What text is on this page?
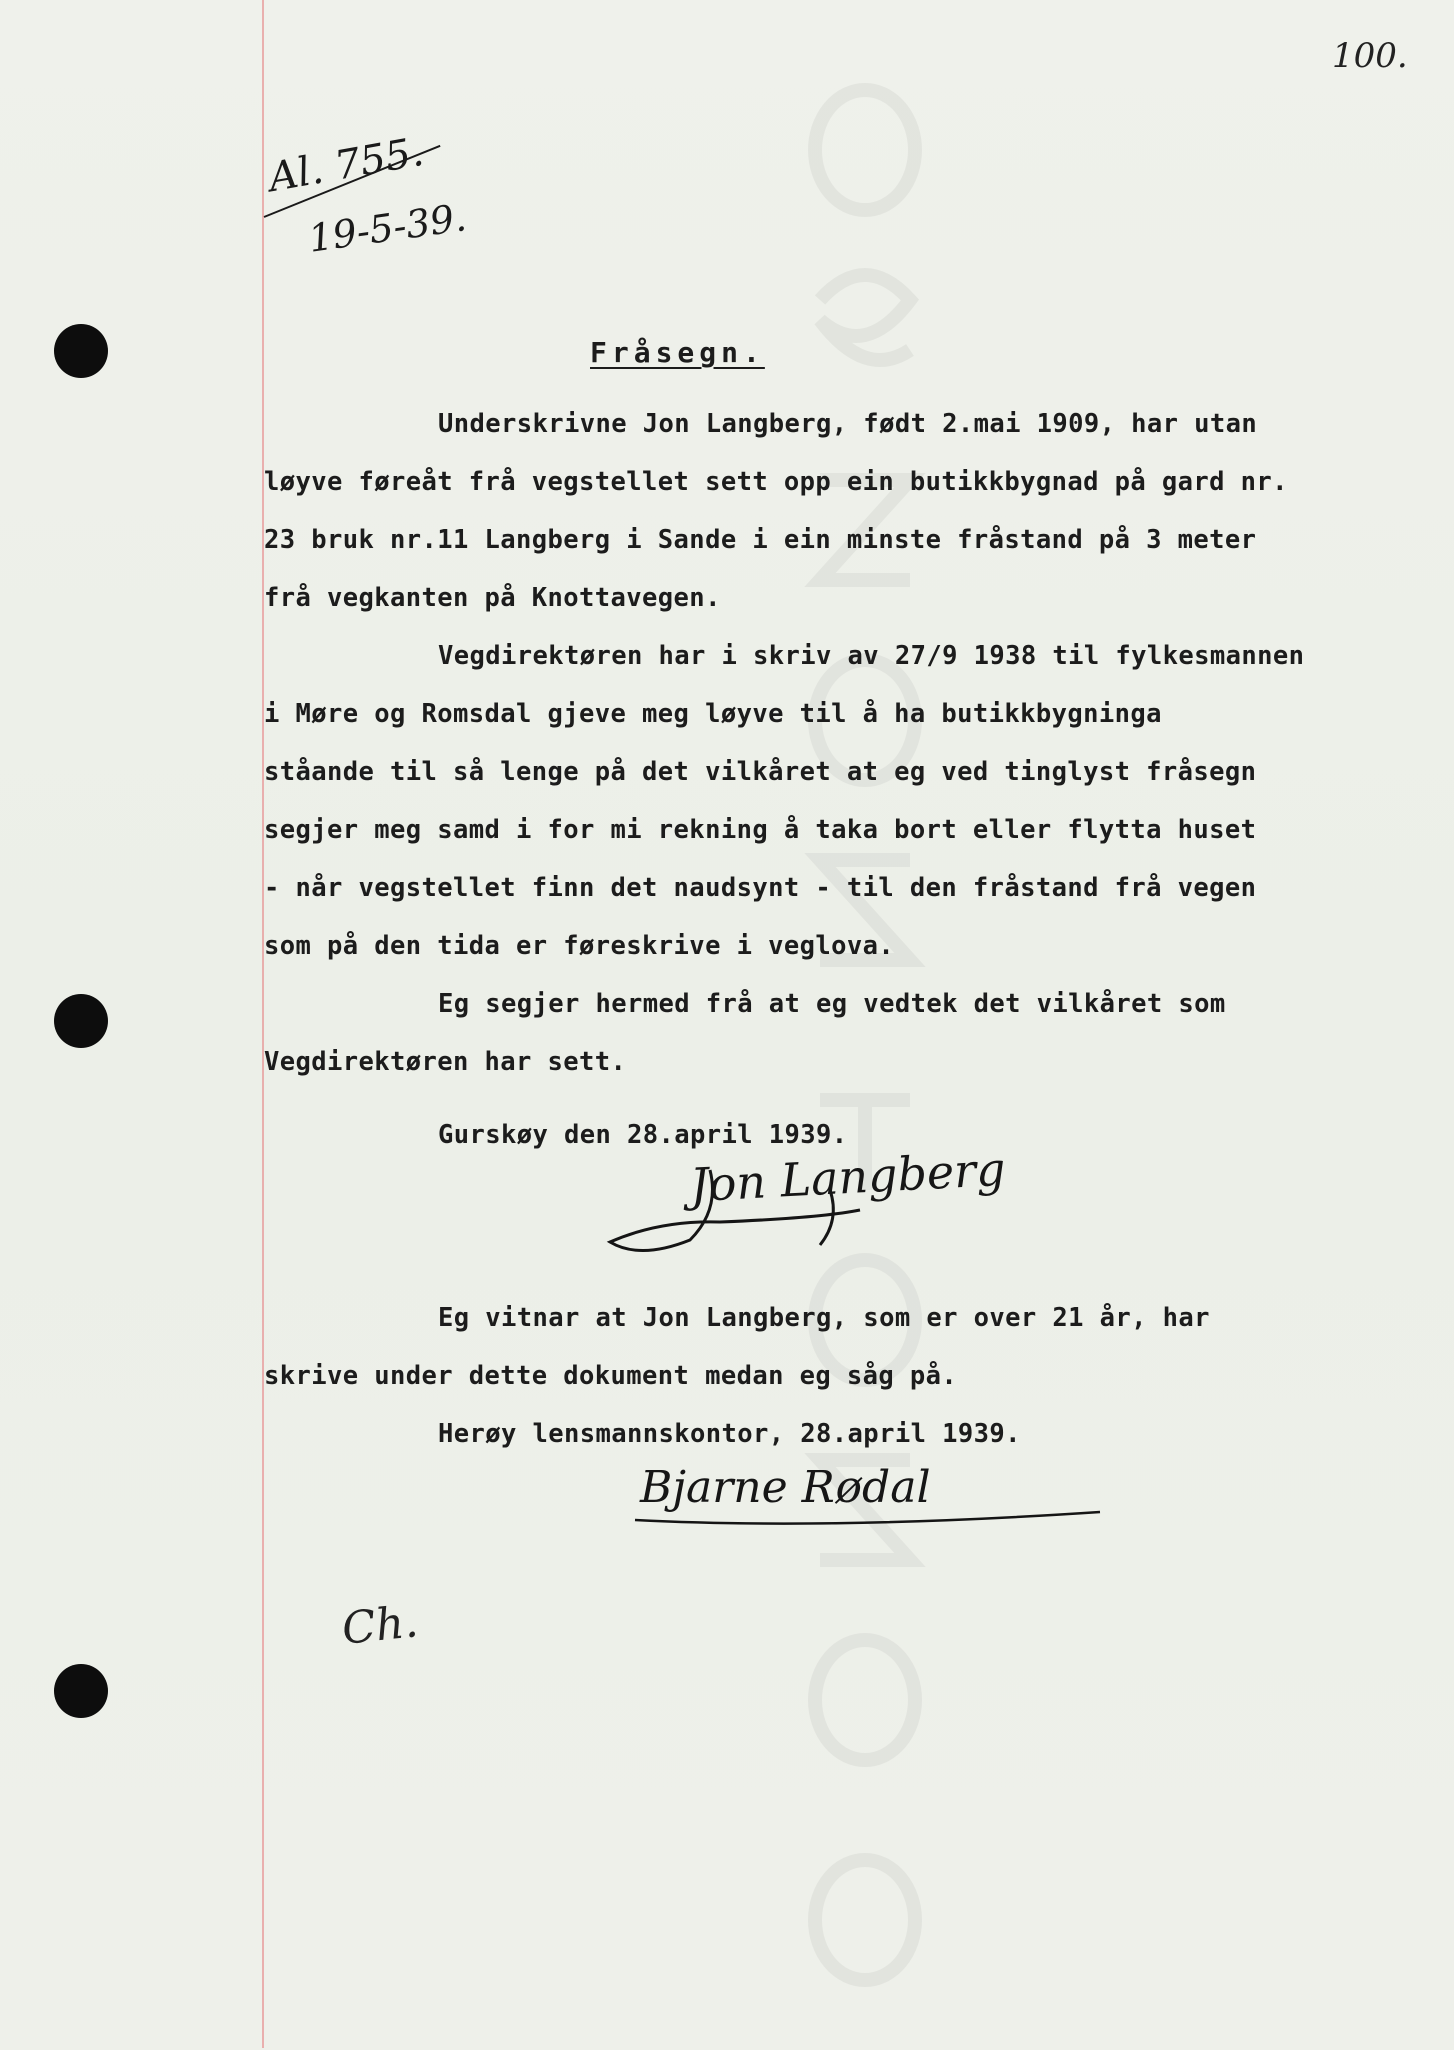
100.
Al. 755.
19-5-39.
Fråsegn.
Underskrivne Jon Langberg, født 2.mai 1909, har utan
løyve føreåt frå vegstellet sett opp ein butikkbygnad på gard nr.
23 bruk nr.11 Langberg i Sande i ein minste fråstand på 3 meter
frå vegkanten på Knottavegen.
Vegdirektøren har i skriv av 27/9 1938 til fylkesmannen
i Møre og Romsdal gjeve meg løyve til å ha butikkbygninga
ståande til så lenge på det vilkåret at eg ved tinglyst fråsegn
segjer meg samd i for mi rekning å taka bort eller flytta huset
- når vegstellet finn det naudsynt - til den fråstand frå vegen
som på den tida er føreskrive i veglova.
Eg segjer hermed frå at eg vedtek det vilkåret som
Vegdirektøren har sett.
Gurskøy den 28.april 1939.
Jon Langberg
Eg vitnar at Jon Langberg, som er over 21 år, har
skrive under dette dokument medan eg såg på.
Herøy lensmannskontor, 28.april 1939.
Bjarne Rødal
Ch.
